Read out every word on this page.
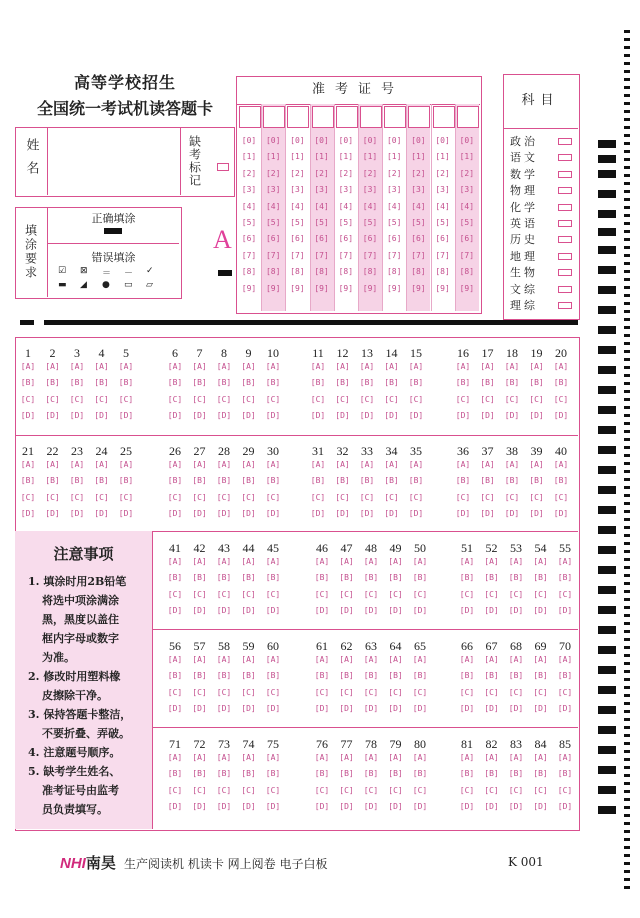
高等学校招生
全国统一考试机读答题卡
姓名	缺考标记
填涂要求
正确填涂
错误填涂
☑ ⊠ ＝ － ✓
▬ ◢ ● ▭ ▱
A
准考证号
[0]
[1]
[2]
[3]
[4]
[5]
[6]
[7]
[8]
[9]
[0]
[1]
[2]
[3]
[4]
[5]
[6]
[7]
[8]
[9]
[0]
[1]
[2]
[3]
[4]
[5]
[6]
[7]
[8]
[9]
[0]
[1]
[2]
[3]
[4]
[5]
[6]
[7]
[8]
[9]
[0]
[1]
[2]
[3]
[4]
[5]
[6]
[7]
[8]
[9]
[0]
[1]
[2]
[3]
[4]
[5]
[6]
[7]
[8]
[9]
[0]
[1]
[2]
[3]
[4]
[5]
[6]
[7]
[8]
[9]
[0]
[1]
[2]
[3]
[4]
[5]
[6]
[7]
[8]
[9]
[0]
[1]
[2]
[3]
[4]
[5]
[6]
[7]
[8]
[9]
[0]
[1]
[2]
[3]
[4]
[5]
[6]
[7]
[8]
[9]
科目
政治
语文
数学
物理
化学
英语
历史
地理
生物
文综
理综
1
[A]
[B]
[C]
[D]
2
[A]
[B]
[C]
[D]
3
[A]
[B]
[C]
[D]
4
[A]
[B]
[C]
[D]
5
[A]
[B]
[C]
[D]
6
[A]
[B]
[C]
[D]
7
[A]
[B]
[C]
[D]
8
[A]
[B]
[C]
[D]
9
[A]
[B]
[C]
[D]
10
[A]
[B]
[C]
[D]
11
[A]
[B]
[C]
[D]
12
[A]
[B]
[C]
[D]
13
[A]
[B]
[C]
[D]
14
[A]
[B]
[C]
[D]
15
[A]
[B]
[C]
[D]
16
[A]
[B]
[C]
[D]
17
[A]
[B]
[C]
[D]
18
[A]
[B]
[C]
[D]
19
[A]
[B]
[C]
[D]
20
[A]
[B]
[C]
[D]
21
[A]
[B]
[C]
[D]
22
[A]
[B]
[C]
[D]
23
[A]
[B]
[C]
[D]
24
[A]
[B]
[C]
[D]
25
[A]
[B]
[C]
[D]
26
[A]
[B]
[C]
[D]
27
[A]
[B]
[C]
[D]
28
[A]
[B]
[C]
[D]
29
[A]
[B]
[C]
[D]
30
[A]
[B]
[C]
[D]
31
[A]
[B]
[C]
[D]
32
[A]
[B]
[C]
[D]
33
[A]
[B]
[C]
[D]
34
[A]
[B]
[C]
[D]
35
[A]
[B]
[C]
[D]
36
[A]
[B]
[C]
[D]
37
[A]
[B]
[C]
[D]
38
[A]
[B]
[C]
[D]
39
[A]
[B]
[C]
[D]
40
[A]
[B]
[C]
[D]
41
[A]
[B]
[C]
[D]
42
[A]
[B]
[C]
[D]
43
[A]
[B]
[C]
[D]
44
[A]
[B]
[C]
[D]
45
[A]
[B]
[C]
[D]
46
[A]
[B]
[C]
[D]
47
[A]
[B]
[C]
[D]
48
[A]
[B]
[C]
[D]
49
[A]
[B]
[C]
[D]
50
[A]
[B]
[C]
[D]
51
[A]
[B]
[C]
[D]
52
[A]
[B]
[C]
[D]
53
[A]
[B]
[C]
[D]
54
[A]
[B]
[C]
[D]
55
[A]
[B]
[C]
[D]
56
[A]
[B]
[C]
[D]
57
[A]
[B]
[C]
[D]
58
[A]
[B]
[C]
[D]
59
[A]
[B]
[C]
[D]
60
[A]
[B]
[C]
[D]
61
[A]
[B]
[C]
[D]
62
[A]
[B]
[C]
[D]
63
[A]
[B]
[C]
[D]
64
[A]
[B]
[C]
[D]
65
[A]
[B]
[C]
[D]
66
[A]
[B]
[C]
[D]
67
[A]
[B]
[C]
[D]
68
[A]
[B]
[C]
[D]
69
[A]
[B]
[C]
[D]
70
[A]
[B]
[C]
[D]
71
[A]
[B]
[C]
[D]
72
[A]
[B]
[C]
[D]
73
[A]
[B]
[C]
[D]
74
[A]
[B]
[C]
[D]
75
[A]
[B]
[C]
[D]
76
[A]
[B]
[C]
[D]
77
[A]
[B]
[C]
[D]
78
[A]
[B]
[C]
[D]
79
[A]
[B]
[C]
[D]
80
[A]
[B]
[C]
[D]
81
[A]
[B]
[C]
[D]
82
[A]
[B]
[C]
[D]
83
[A]
[B]
[C]
[D]
84
[A]
[B]
[C]
[D]
85
[A]
[B]
[C]
[D]
注意事项
1. 填涂时用2B铅笔
将选中项涂满涂
黑，黑度以盖住
框内字母或数字
为准。
2. 修改时用塑料橡
皮擦除干净。
3. 保持答题卡整洁，
不要折叠、弄破。
4. 注意题号顺序。
5. 缺考学生姓名、
准考证号由监考
员负责填写。
NHI南昊 生产阅读机 机读卡 网上阅卷 电子白板	K 001
